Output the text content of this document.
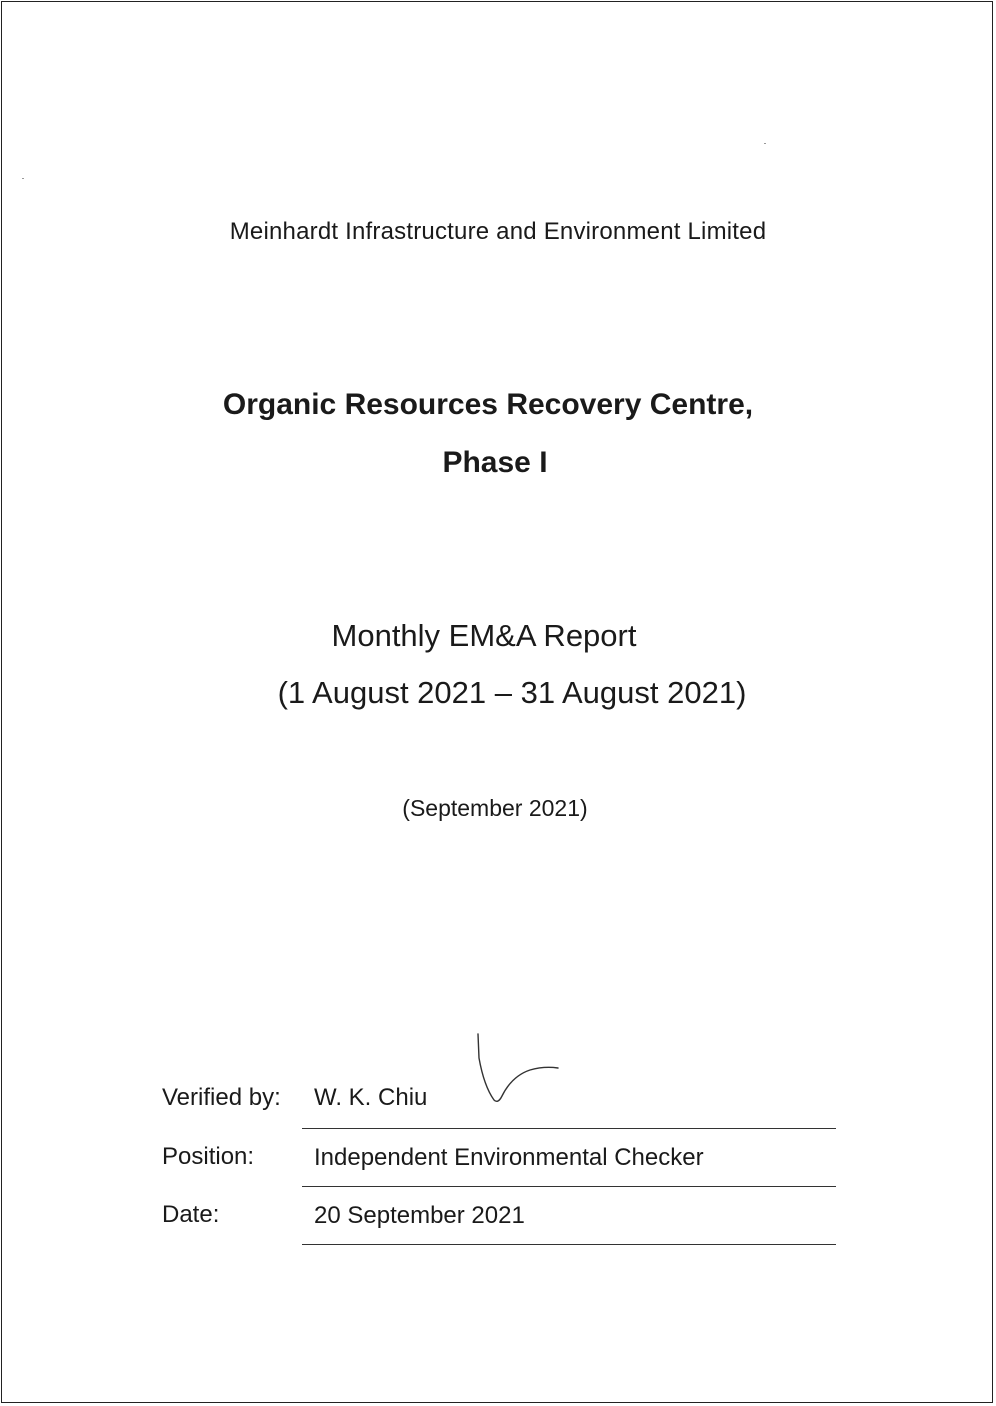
Meinhardt Infrastructure and Environment Limited
Organic Resources Recovery Centre,
Phase I
Monthly EM&A Report
(1 August 2021 – 31 August 2021)
(September 2021)
Verified by: W. K. Chiu
Position: Independent Environmental Checker
Date:	20 September 2021
